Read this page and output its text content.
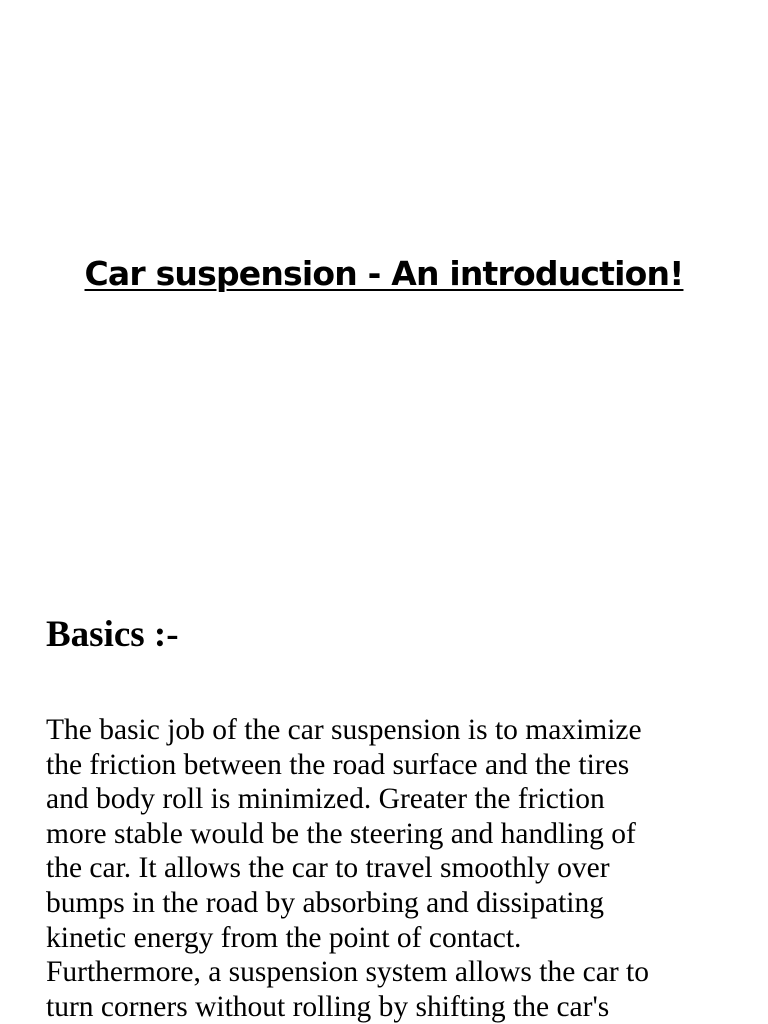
Car suspension - An introduction!
Basics :-

The basic job of the car suspension is to maximize
the friction between the road surface and the tires
and body roll is minimized. Greater the friction
more stable would be the steering and handling of
the car. It allows the car to travel smoothly over
bumps in the road by absorbing and dissipating
kinetic energy from the point of contact.
Furthermore, a suspension system allows the car to
turn corners without rolling by shifting the car's
